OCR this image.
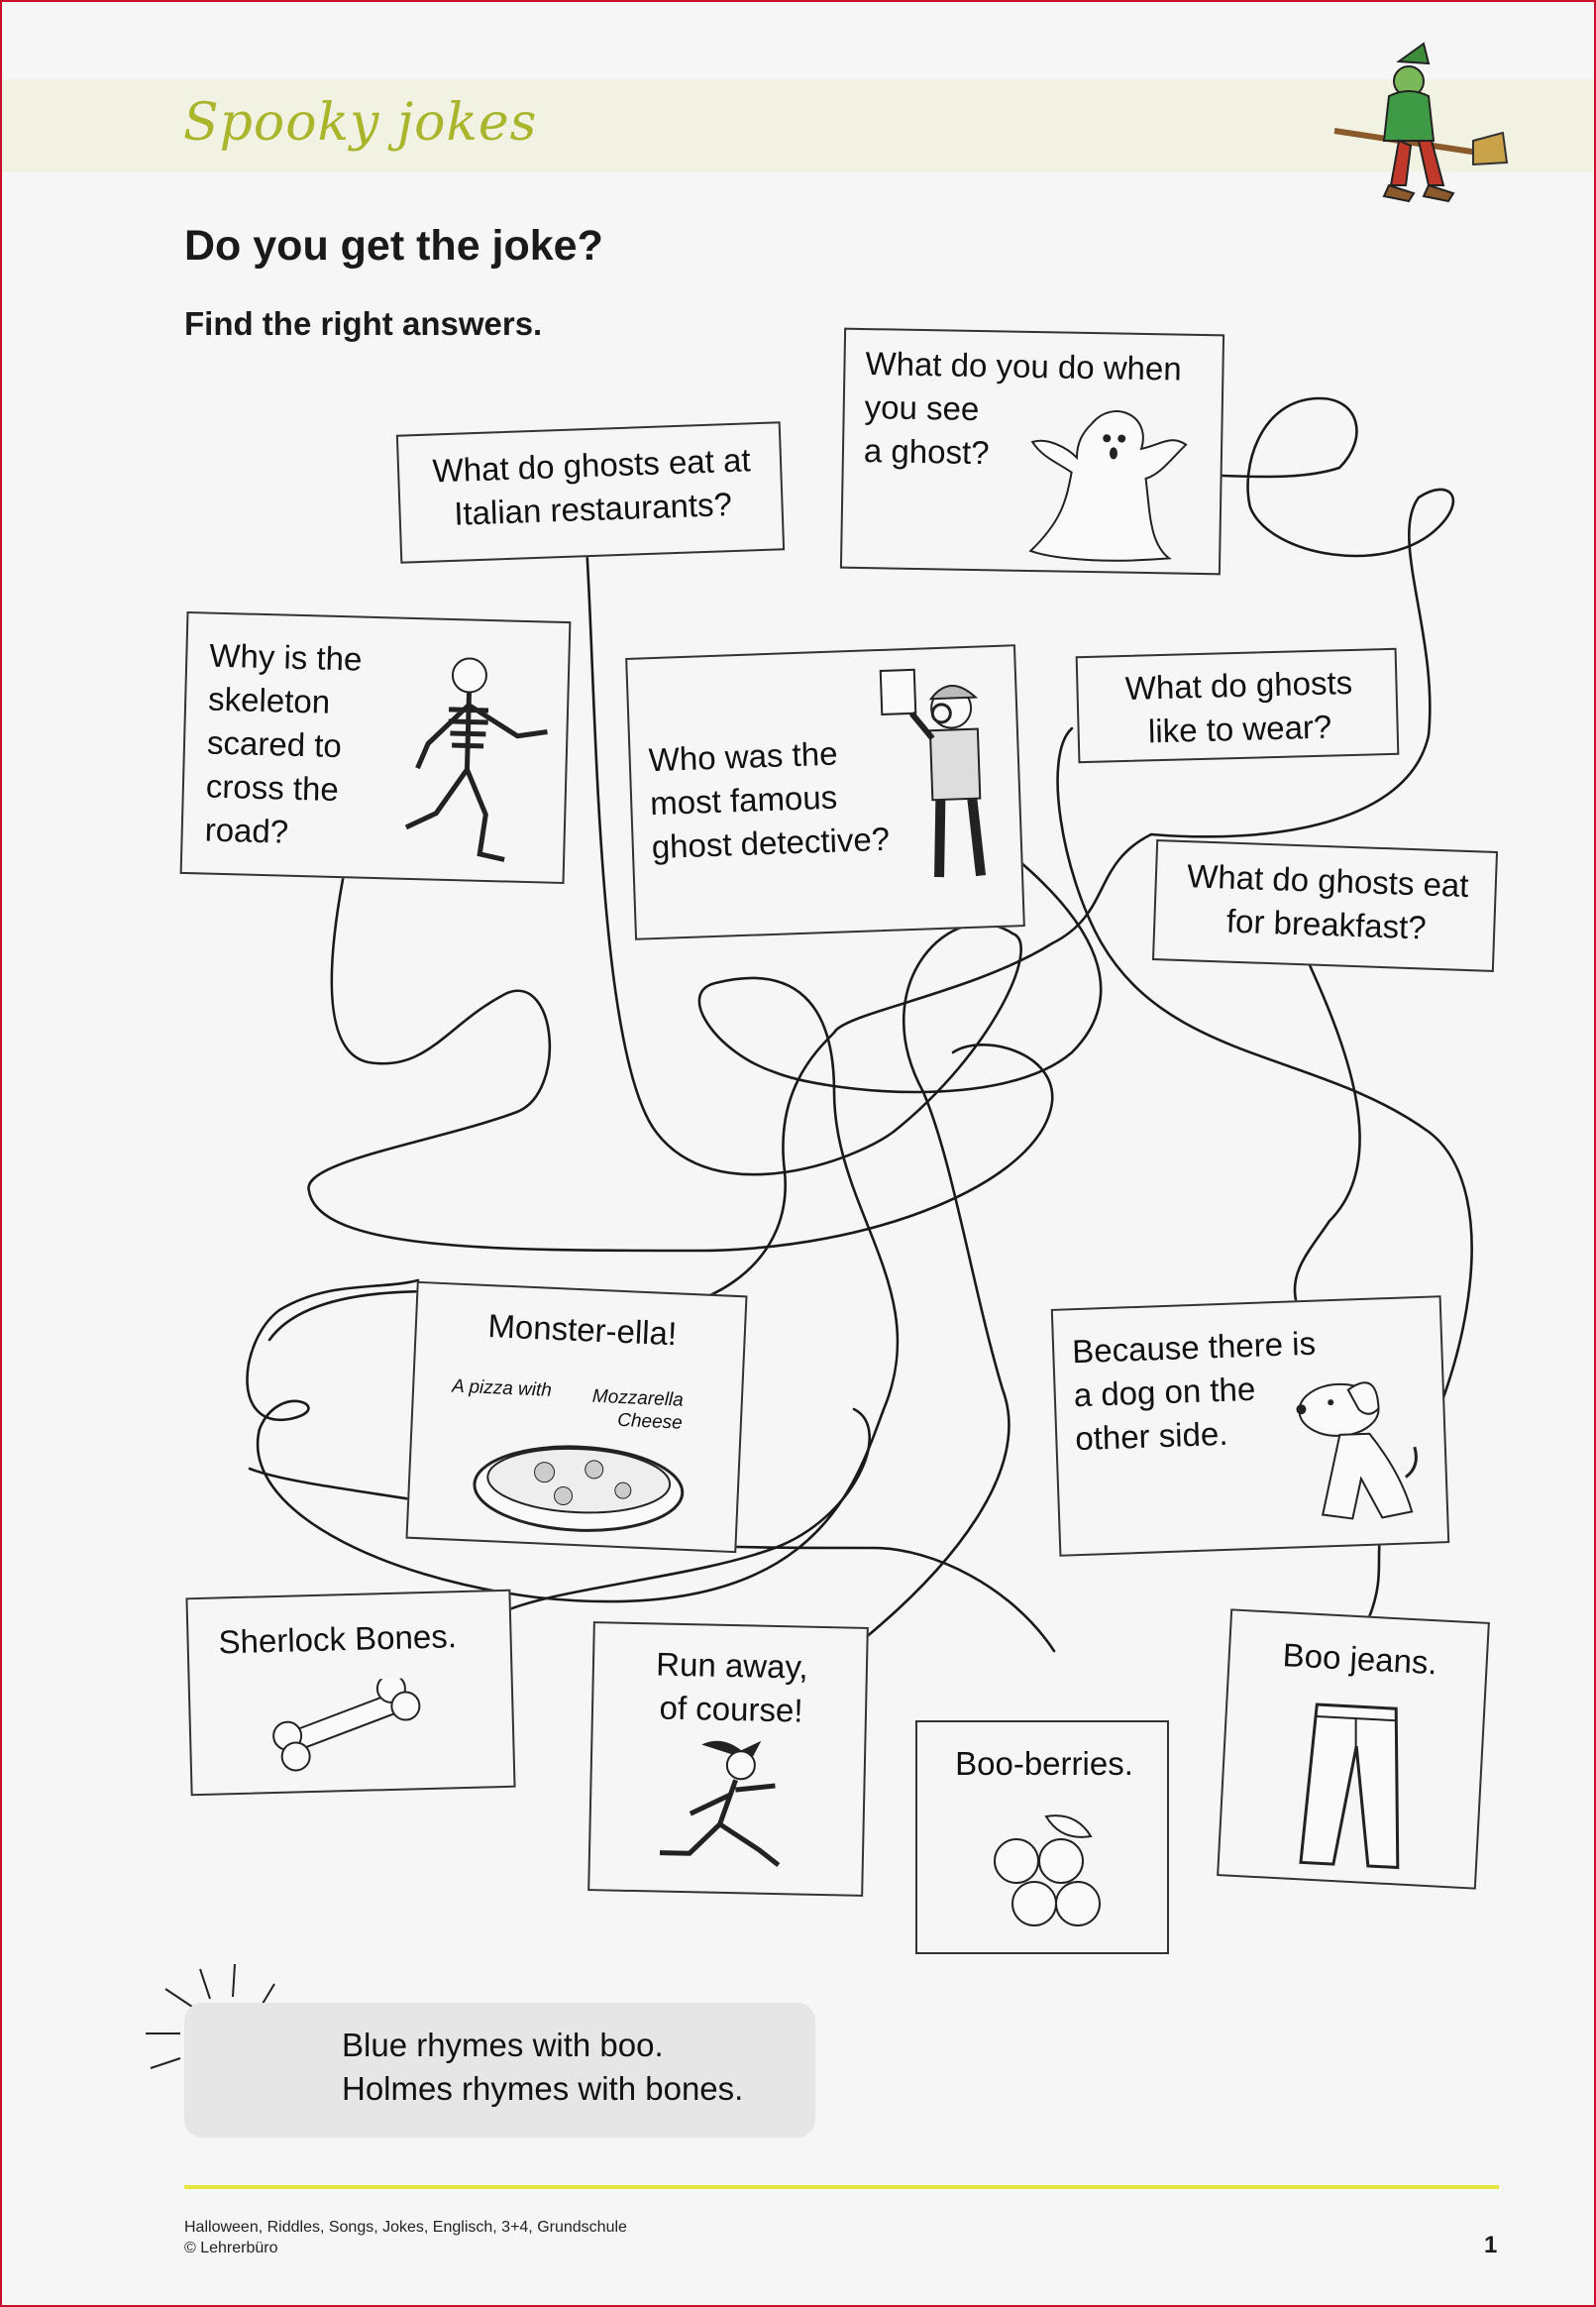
Spooky jokes
Do you get the joke?
Find the right answers.
What do ghosts eat at
Italian restaurants?
What do you do when
you see
a ghost?
Why is the
skeleton
scared to
cross the
road?
Who was the
most famous
ghost detective?
What do ghosts
like to wear?
What do ghosts eat
for breakfast?
Monster-ella!
A pizza with Mozzarella
Cheese
Because there is
a dog on the
other side.
Sherlock Bones.
Run away,
of course!
Boo-berries.
Boo jeans.
Blue rhymes with boo.
Holmes rhymes with bones.
Halloween, Riddles, Songs, Jokes, Englisch, 3+4, Grundschule
© Lehrerbüro	1
